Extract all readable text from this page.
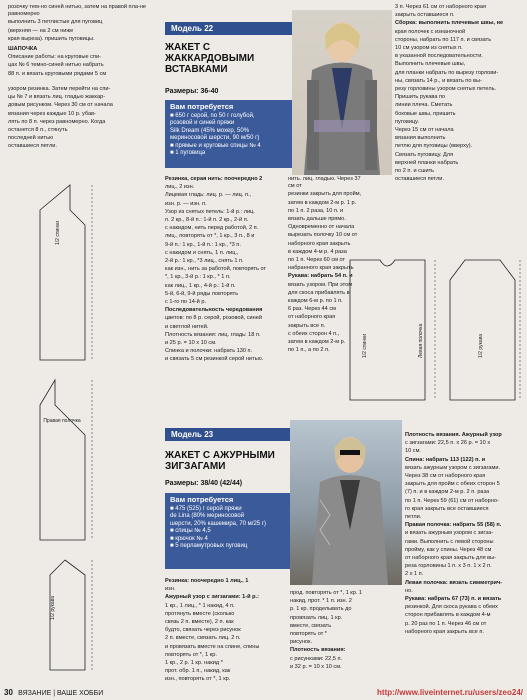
розочку тем-но синей нитью, затем на правой пла-не равномерно

выполнить 3 петлистые для пуговиц

(верхняя — на 2 см ниже

края выреза). пришить пуговицы.

ШАПОЧКА

Описание работы: на круговые спи-

цах № 6 темно-синей нитью набрать

88 п. и вязать круговыми рядами 5 см

узором резинка. Затем перейти на спи-

цы № 7 и вязать лиц. гладью жаккар-

довым рисунком. Через 30 см от начала

вязания через каждые 10 р. убав-

лять по 8 п. через равномерно. Когда

останется 8 п., стянуть

последней нитью

оставшиеся петли.

1/2 спинки
Правая полочка
1/2 рукава
Модель 22
ЖАКЕТ С ЖАККАРДОВЫМИ ВСТАВКАМИ
Размеры: 36-40
Вам потребуется
■ 650 г серой, по 50 г голубой,
розовой и синей пряжи
Silk Dream (45% мохер, 50%
мериносовой шерсти, 90 м/50 г)
■ прямые и круговые спицы № 4
■ 1 пуговица

Резинка, серая нить: поочередно 2

лиц., 2 изн.

Лицевая гладь: лиц. р. — лиц. п.,

изн. р. — изн. п.

Узор из снятых петель: 1-й р.: лиц.

п. 2 кр., 8-й п.: 1-й п. 2 кр., 2-й п.

с накидом, нить перед работой, 2 п.

лиц., повторять от *, 1 кр., 3 п., 8 и

9-й п.: 1 кр., 1-й п.: 1 кр., *3 п.

с накидом и снять, 1 п. лиц.,

2-й р.: 1 кр., *3 лиц., снять 1 п.

как изн., нить за работой, повторять от

*, 1 кр., 3-й р.: 1 кр., * 1 п.

как лиц., 1 кр., 4-й р.: 1-й п.

5-й, 6-й, 9-й ряды повторять

с 1-го по 14-й р.

Последовательность чередования

цветов: по 8 р. серой, розовой, синей

и светлой нитей.

Плотность вязания: лиц. гладь: 18 п.

и 25 р. = 10 х 10 см.

Спинка и полочки: набрать 130 п.

и связать 5 см резинкой серой нитью.

нить. лиц. гладью. Через 37 см от

резинки закрыть для пройм,

затем в каждом 2-м р. 1 р.

по 1 п. 2 раза, 10 п. и

вязать дальше прямо.

Одновременно от начала

вырезать полочку 10 см от

наборного края закрыть

в каждом 4-м р. 4 раза

по 1 п. Через 60 см от

набранного края закрыть

Рукава: набрать 54 п. и

вязать узором. При этом

для скоса прибавлять в

каждом 6-м р. по 1 п.

6 раз. Через 44 см

от наборного края

закрыть все п.

с обеих сторон 4 п.,

затем в каждом 2-м р.

по 1 п., а по 2 п.

3 п. Через 61 см от наборного края

закрыть оставшиеся п.

Сборка: выполнить плечевые швы, не

края полочек с изнаночной

стороны, набрать по 117 п. и связать

10 см узором из снятых п.

в указанной последовательности.

Выполнить плечевые швы,

для планки набрать по вырезу горлови-

ны, связать 14 р., и вязать по вы-

резу горловины узором снятых петель.

Пришить рукава по

линии плеча. Сметать

боковые швы, пришить

пуговицу.

Через 15 см от начала

вязания выполнить

петлю для пуговицы (вверху).

Связать пуговицу. Для

верхней планки набрать

по 2 п. и сшить

оставшиеся петли.

1/2 спинки	Левая полочка	1/2 рукава
Модель 23
ЖАКЕТ С АЖУРНЫМИ ЗИГЗАГАМИ
Размеры: 38/40 (42/44)
Вам потребуется
■ 475 (525) г серой пряжи
de Lina (80% мериносовой
шерсти, 20% кашемира, 70 м/25 г)
■ спицы № 4,5
■ крючок № 4
■ 5 перламутровых пуговиц

Резинка: поочередно 1 лиц., 1

изн.

Ажурный узор с зигзагами: 1-й р.:

1 кр., 1 лиц., * 1 накид, 4 п.

протянуть вместе (сколько

связь 2 п. вместе), 2 п. как

будто, связать через рисунок

2 п. вместе, связать лиц. 2 п.

и провязать вместе на спине, спины

повторять от *, 1 кр.

1 кр., 2 р. 1 кр. накид *

прот. обр. 1 п., накид, как

изн., повторять от *, 1 кр.

прод. повторять от *, 1 кр. 1

накид, прот. * 1 п. изн. 2

р. 1 кр. проделывать до

провязать лиц. 1 кр.

вместе, связать

повторять от *

рисунок.

Плотность вязания:

с рисунками: 22,5 п.

и 32 р. = 10 х 10 см.

Плотность вязания. Ажурный узор

с зигзагами: 22,5 п. х 26 р. = 10 х

10 см.

Спина: набрать 113 (122) п. и

вязать ажурным узором с зигзагами.

Через 38 см от наборного края

закрыть для пройм с обеих сторон 5

(7) п. и в каждом 2-м р. 2 п. раза

по 1 п. Через 59 (61) см от наборно-

го края закрыть все оставшиеся

петли.

Правая полочка: набрать 55 (58) п.

и вязать ажурным узором с зигза-

гами. Выполнить с левой стороны

пройму, как у спины. Через 48 см

от наборного края закрыть для вы-

реза горловины 1 п. х 3 п. 1 х 2 п.

2 х 1 п.

Левая полочка: вязать симметрич-

но.

Рукава: набрать 67 (73) п. и вязать

резинкой. Для скоса рукава с обеих

сторон прибавлять в каждом 4-м

р. 20 раз по 1 п. Через 46 см от

наборного края закрыть все п.

30 ВЯЗАНИЕ | ВАШЕ ХОББИ	http://www.liveinternet.ru/users/zeo24/
